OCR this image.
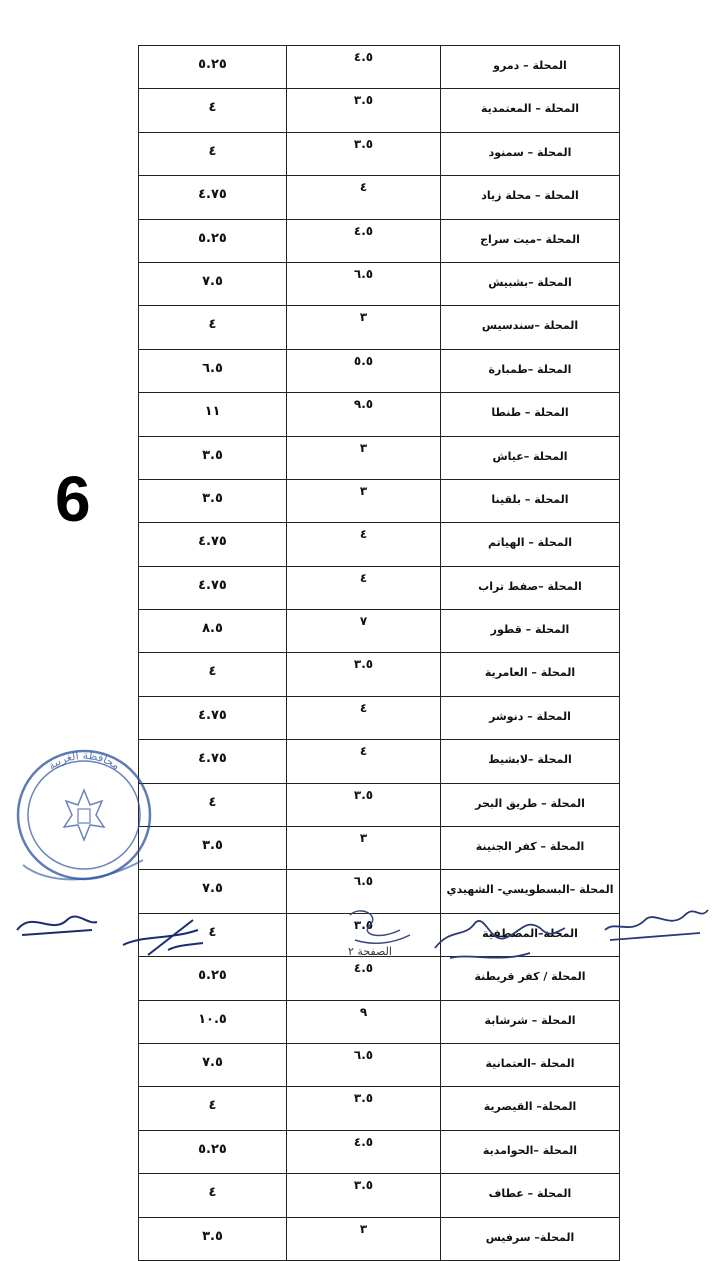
المحلة – دمرو	٤.٥	٥.٢٥
المحلة – المعتمدية	٣.٥	٤
المحلة – سمنود	٣.٥	٤
المحلة – محلة زياد	٤	٤.٧٥
المحلة –ميت سراج	٤.٥	٥.٢٥
المحلة –بشبيش	٦.٥	٧.٥
المحلة –سندسيس	٣	٤
المحلة –طمبارة	٥.٥	٦.٥
المحلة – طنطا	٩.٥	١١
المحلة –عياش	٣	٣.٥
المحلة – بلقينا	٣	٣.٥
المحلة – الهياتم	٤	٤.٧٥
المحلة –صفط تراب	٤	٤.٧٥
المحلة – قطور	٧	٨.٥
المحلة – العامرية	٣.٥	٤
المحلة – دنوشر	٤	٤.٧٥
المحلة –لابشيط	٤	٤.٧٥
المحلة – طريق البحر	٣.٥	٤
المحلة – كفر الجنينة	٣	٣.٥
المحلة –البسطويسي- الشهيدي	٦.٥	٧.٥
المحلة–المصطفية	٣.٥	٤
المحلة / كفر قريطنة	٤.٥	٥.٢٥
المحلة – شرشابة	٩	١٠.٥
المحلة –العتمانية	٦.٥	٧.٥
المحلة– القيصرية	٣.٥	٤
المحلة –الحوامدية	٤.٥	٥.٢٥
المحلة – عطاف	٣.٥	٤
المحلة– سرفيس	٣	٣.٥
6
محافظة الغربية
الصفحة ٢
